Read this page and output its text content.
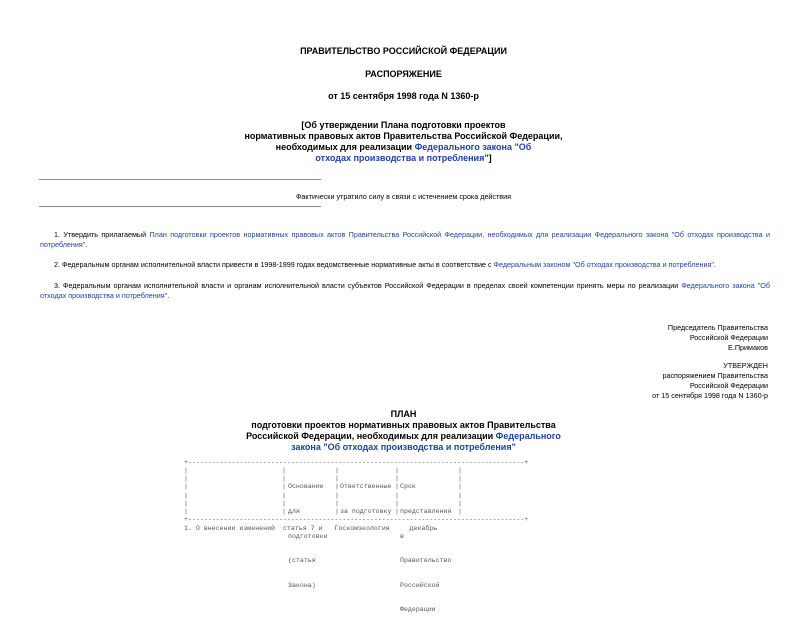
ПРАВИТЕЛЬСТВО РОССИЙСКОЙ ФЕДЕРАЦИИ
РАСПОРЯЖЕНИЕ
от 15 сентября 1998 года N 1360-р
[Об утверждении Плана подготовки проектов
нормативных правовых актов Правительства Российской Федерации,
необходимых для реализации Федерального закона "Об
отходах производства и потребления"]
Фактически утратило силу в связи с истечением срока действия
1. Утвердить прилагаемый План подготовки проектов нормативных правовых актов Правительства Российской Федерации, необходимых для реализации Федерального закона "Об отходах производства и потребления".
2. Федеральным органам исполнительной власти привести в 1998-1999 годах ведомственные нормативные акты в соответствие с Федеральным законом "Об отходах производства и потребления".
3. Федеральным органам исполнительной власти и органам исполнительной власти субъектов Российской Федерации в пределах своей компетенции принять меры по реализации Федерального закона "Об отходах производства и потребления".
Председатель Правительства
Российской Федерации
Е.Примаков
УТВЕРЖДЕН
распоряжением Правительства
Российской Федерации
от 15 сентября 1998 года N 1360-р
ПЛАН
подготовки проектов нормативных правовых актов Правительства
Российской Федерации, необходимых для реализации Федерального
закона "Об отходах производства и потребления"
+-------------------------------------------------------------------------------------+
|
|
|
|
|
|
|
|
|
|
|
|
|
|
|
|
|
|
|
|
|
|
|
|
|
|
|
|
|
|

Основание

для

подготовки

(статья

Закона)

Ответственные

за подготовку

Срок

представления

в

Правительство

Российской

Федерации

+-------------------------------------------------------------------------------------+
1. О внесении изменений  статья 7 и   Госкомэкология     декабрь
